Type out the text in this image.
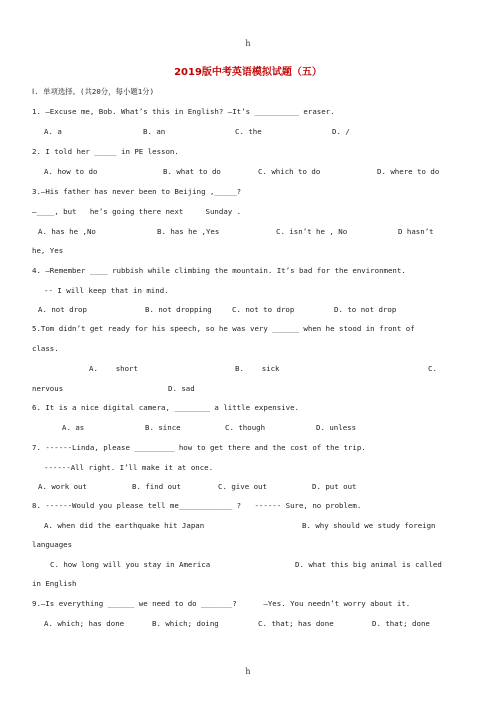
h
2019版中考英语模拟试题（五）
Ⅰ. 单项选择。(共20分，每小题1分)
1. —Excuse me, Bob. What’s this in English? —It’s __________ eraser.
A. a	B. an	C. the	D. /
2. I told her _____ in PE lesson.
A. how to do	B. what to do	C. which to do	D. where to do
3.—His father has never been to Beijing ,_____?
—____, but   he’s going there next     Sunday .
A. has he ,No	B. has he ,Yes	C. isn’t he , No	D hasn’t
he, Yes
4. —Remember ____ rubbish while climbing the mountain. It’s bad for the environment.
-- I will keep that in mind.
A. not drop	B. not dropping	C. not to drop	D. to not drop
5.Tom didn’t get ready for his speech, so he was very ______ when he stood in front of
class.
A.    short	B.    sick	C.
nervous	D. sad
6. It is a nice digital camera, ________ a little expensive.
A. as	B. since	C. though	D. unless
7. ------Linda, please _________ how to get there and the cost of the trip.
------All right. I’ll make it at once.
A. work out	B. find out	C. give out	D. put out
8. ------Would you please tell me____________ ?   ------ Sure, no problem.
A. when did the earthquake hit Japan	B. why should we study foreign
languages
C. how long will you stay in America	D. what this big animal is called
in English
9.—Is everything ______ we need to do _______?      —Yes. You needn’t worry about it.
A. which; has done	B. which; doing	C. that; has done	D. that; done
h
